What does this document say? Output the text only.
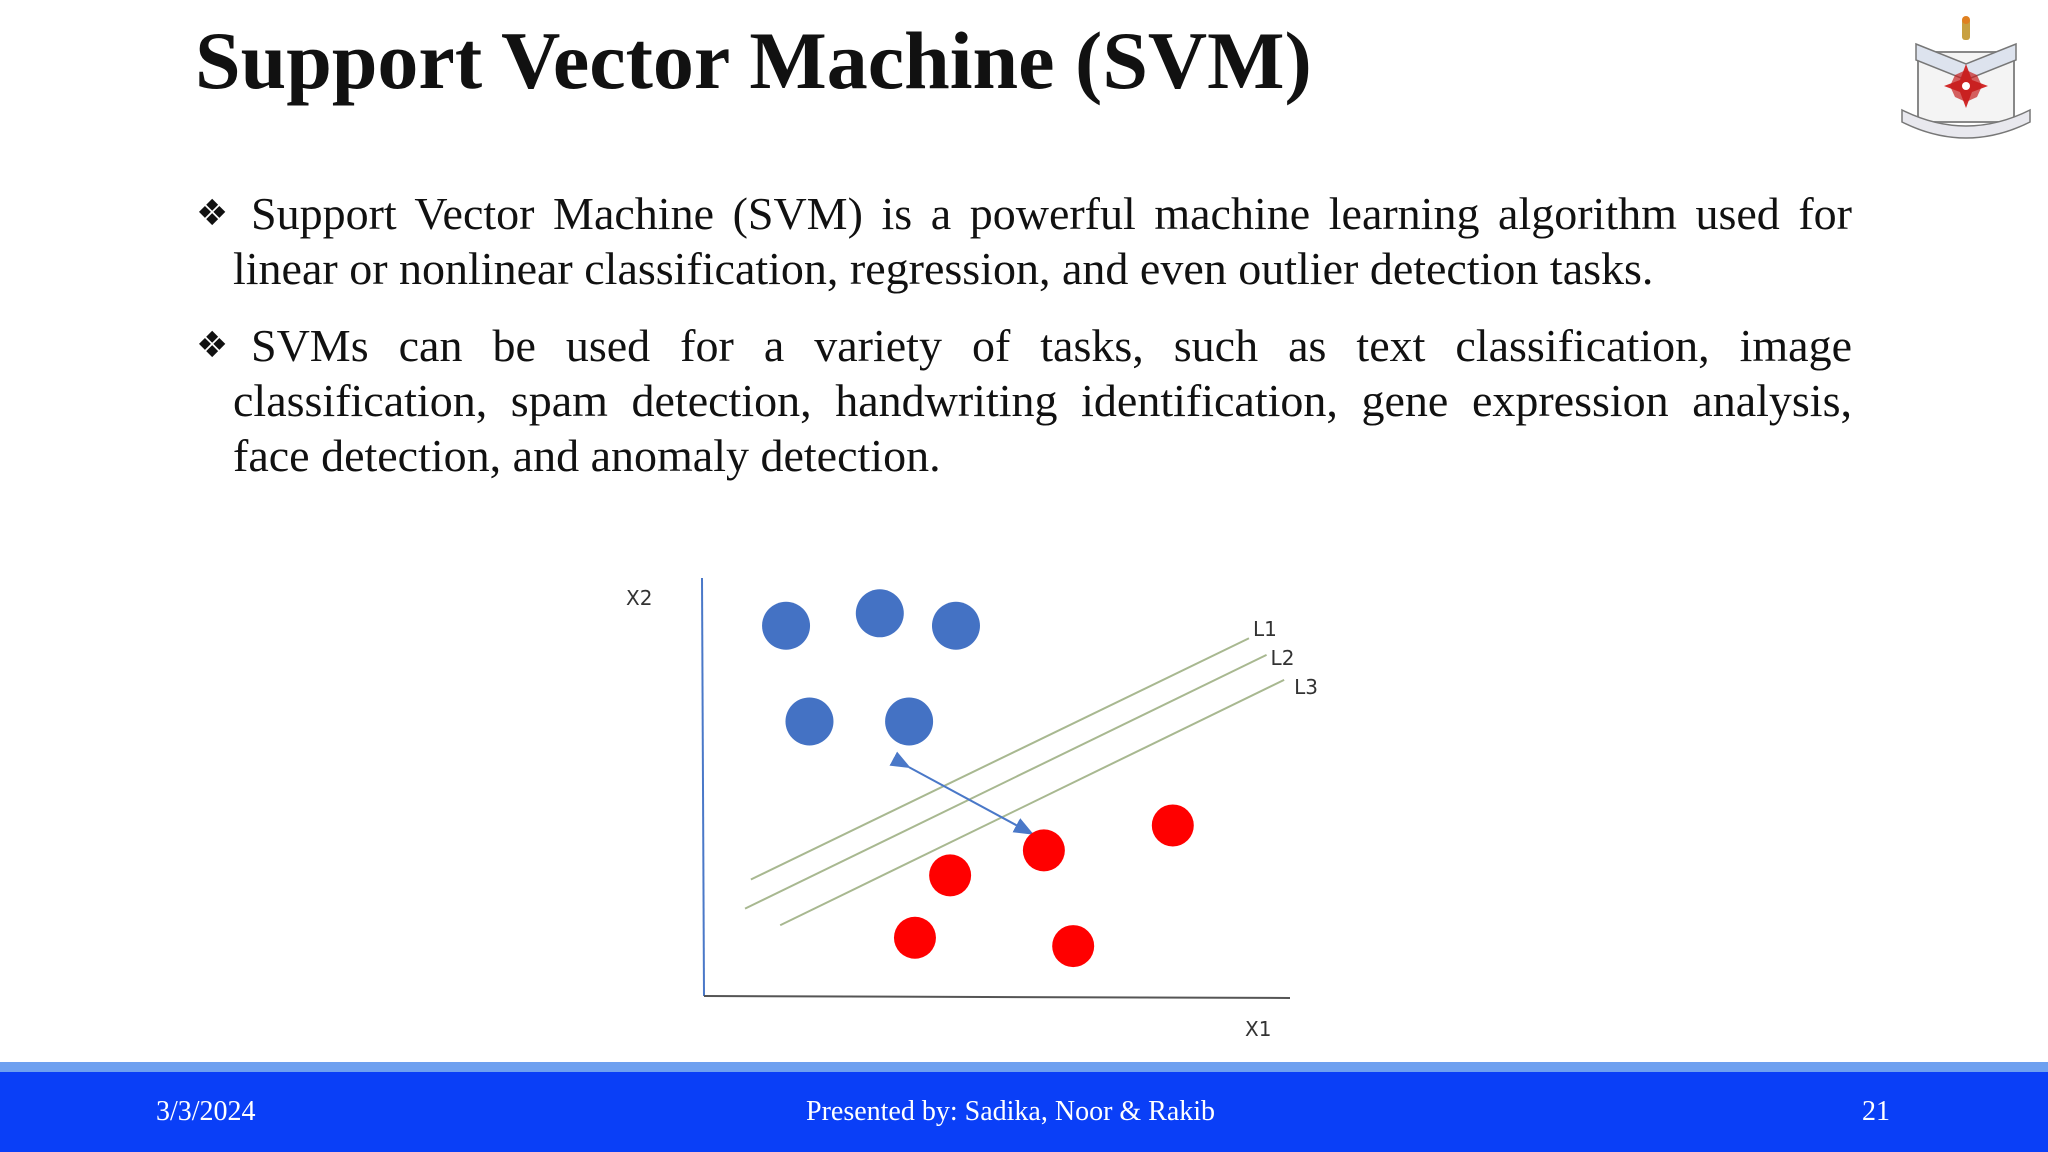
Support Vector Machine (SVM)
❖ Support Vector Machine (SVM) is a powerful machine learning algorithm used for linear or nonlinear classification, regression, and even outlier detection tasks.
❖ SVMs can be used for a variety of tasks, such as text classification, image classification, spam detection, handwriting identification, gene expression analysis, face detection, and anomaly detection.
X2
X1
L1
L2
L3
3/3/2024	Presented by: Sadika, Noor & Rakib	21
